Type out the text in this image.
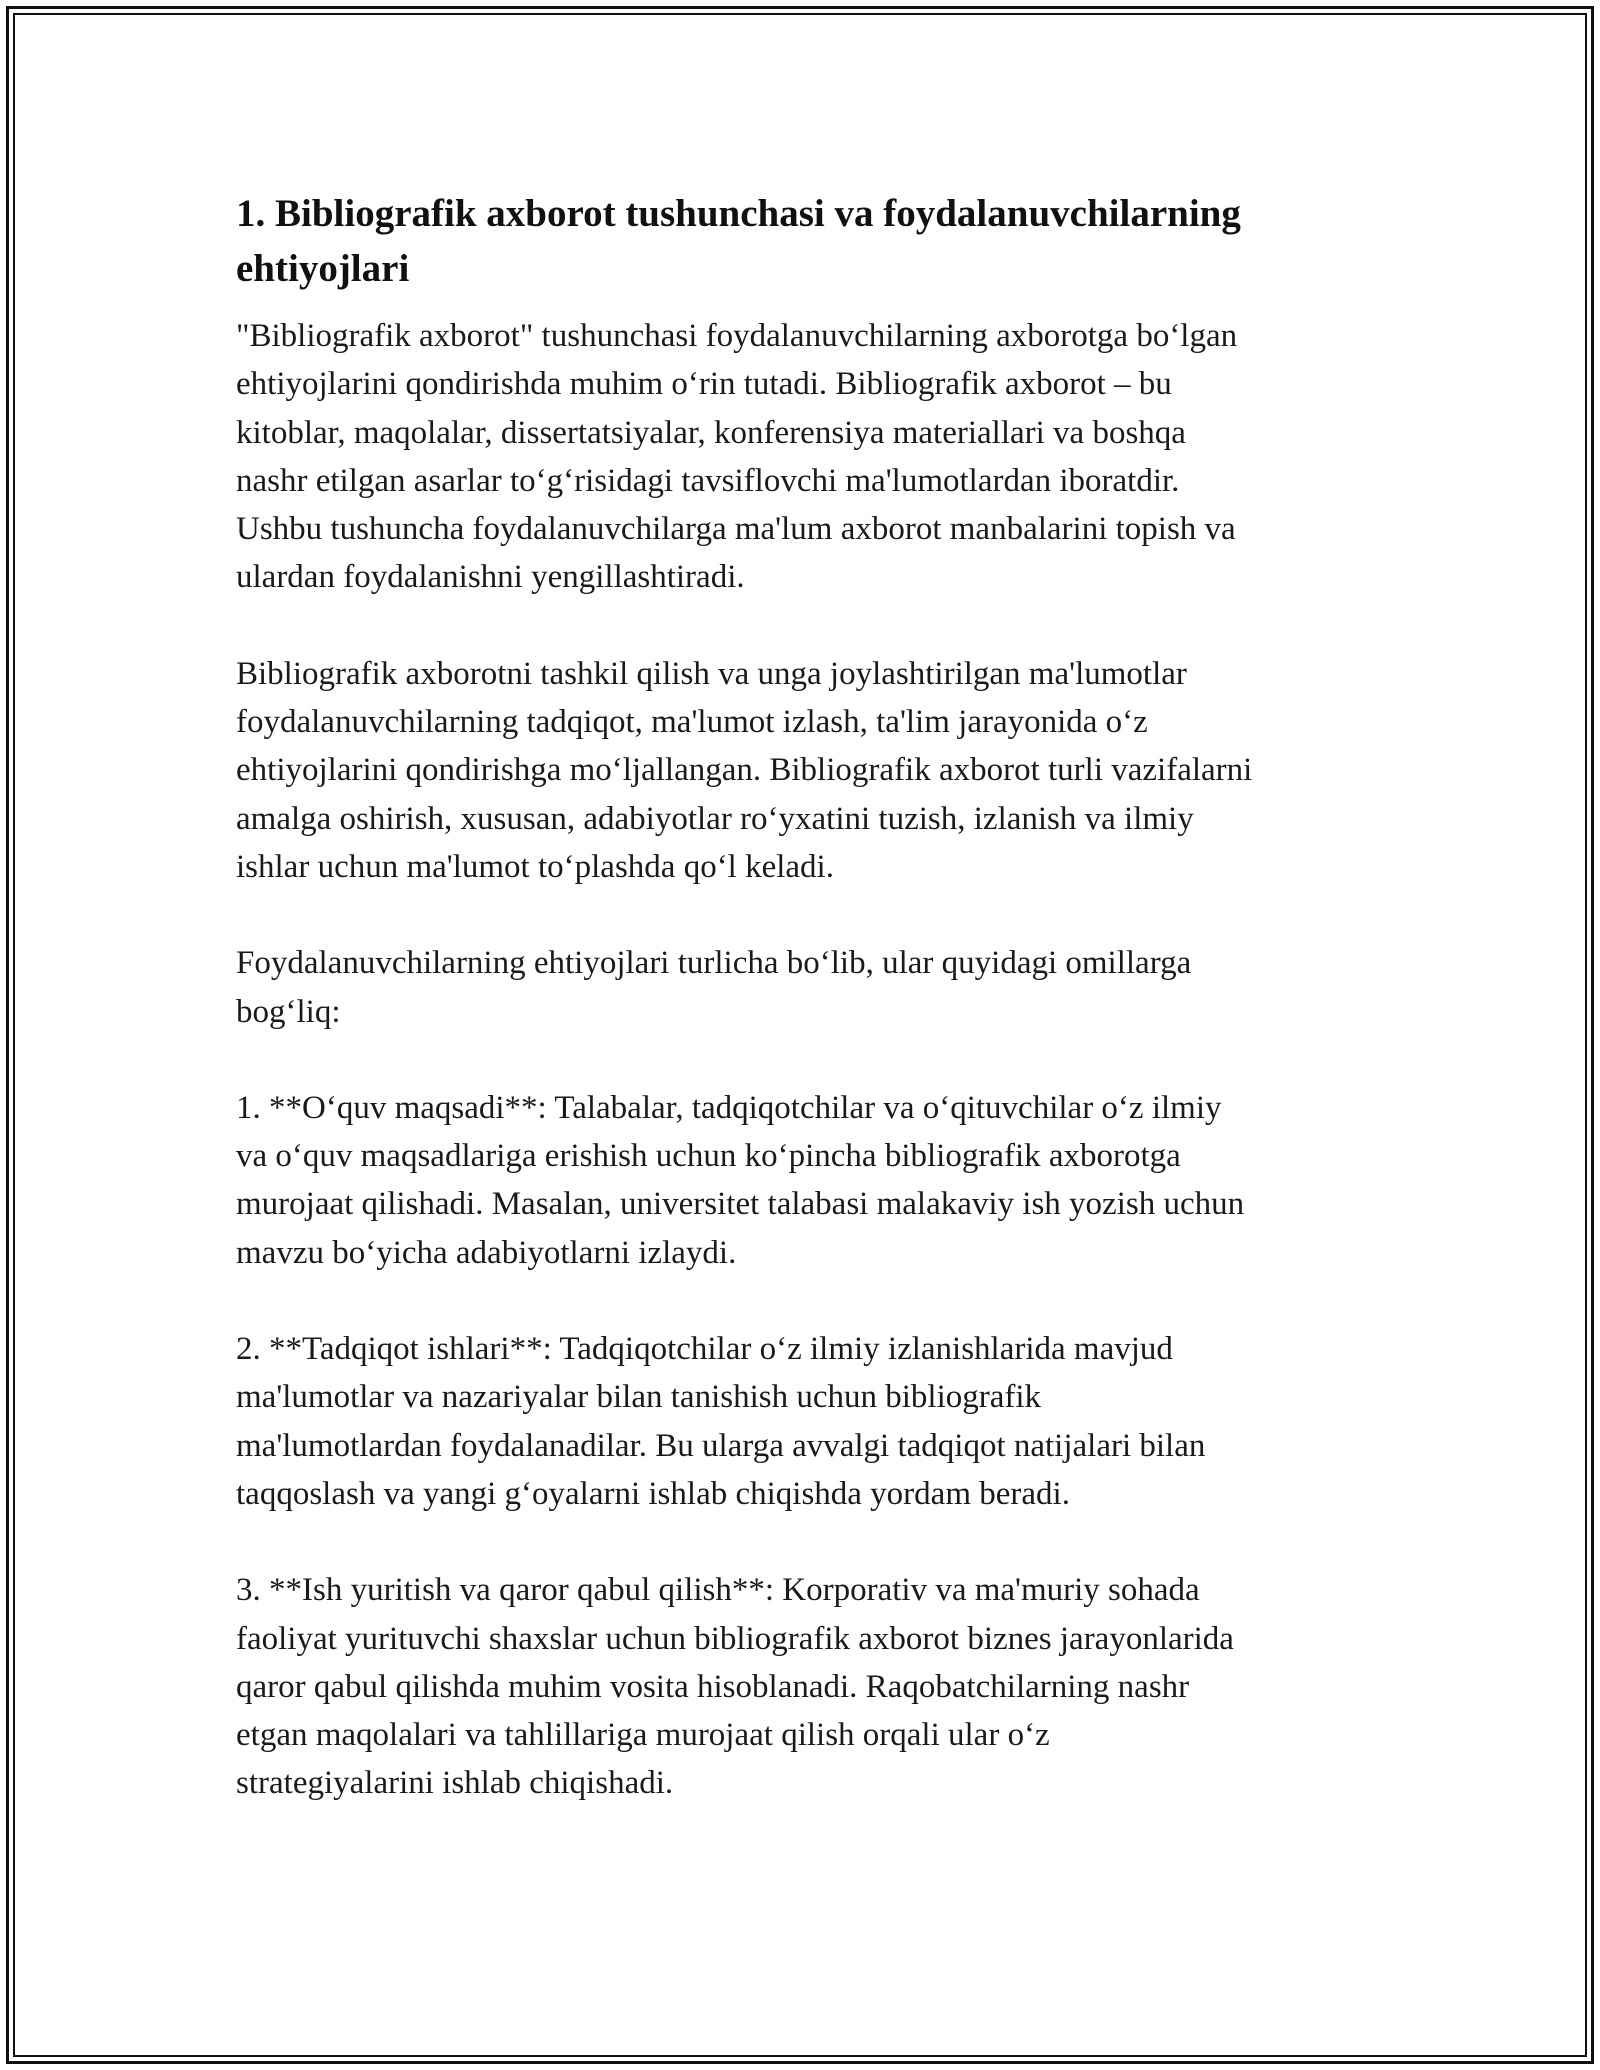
1. Bibliografik axborot tushunchasi va foydalanuvchilarning ehtiyojlari

"Bibliografik axborot" tushunchasi foydalanuvchilarning axborotga bo‘lgan
ehtiyojlarini qondirishda muhim o‘rin tutadi. Bibliografik axborot – bu
kitoblar, maqolalar, dissertatsiyalar, konferensiya materiallari va boshqa
nashr etilgan asarlar to‘g‘risidagi tavsiflovchi ma'lumotlardan iboratdir.
Ushbu tushuncha foydalanuvchilarga ma'lum axborot manbalarini topish va
ulardan foydalanishni yengillashtiradi.

Bibliografik axborotni tashkil qilish va unga joylashtirilgan ma'lumotlar
foydalanuvchilarning tadqiqot, ma'lumot izlash, ta'lim jarayonida o‘z
ehtiyojlarini qondirishga mo‘ljallangan. Bibliografik axborot turli vazifalarni
amalga oshirish, xususan, adabiyotlar ro‘yxatini tuzish, izlanish va ilmiy
ishlar uchun ma'lumot to‘plashda qo‘l keladi.

Foydalanuvchilarning ehtiyojlari turlicha bo‘lib, ular quyidagi omillarga
bog‘liq:

1. **O‘quv maqsadi**: Talabalar, tadqiqotchilar va o‘qituvchilar o‘z ilmiy
va o‘quv maqsadlariga erishish uchun ko‘pincha bibliografik axborotga
murojaat qilishadi. Masalan, universitet talabasi malakaviy ish yozish uchun
mavzu bo‘yicha adabiyotlarni izlaydi.

2. **Tadqiqot ishlari**: Tadqiqotchilar o‘z ilmiy izlanishlarida mavjud
ma'lumotlar va nazariyalar bilan tanishish uchun bibliografik
ma'lumotlardan foydalanadilar. Bu ularga avvalgi tadqiqot natijalari bilan
taqqoslash va yangi g‘oyalarni ishlab chiqishda yordam beradi.

3. **Ish yuritish va qaror qabul qilish**: Korporativ va ma'muriy sohada
faoliyat yurituvchi shaxslar uchun bibliografik axborot biznes jarayonlarida
qaror qabul qilishda muhim vosita hisoblanadi. Raqobatchilarning nashr
etgan maqolalari va tahlillariga murojaat qilish orqali ular o‘z
strategiyalarini ishlab chiqishadi.
